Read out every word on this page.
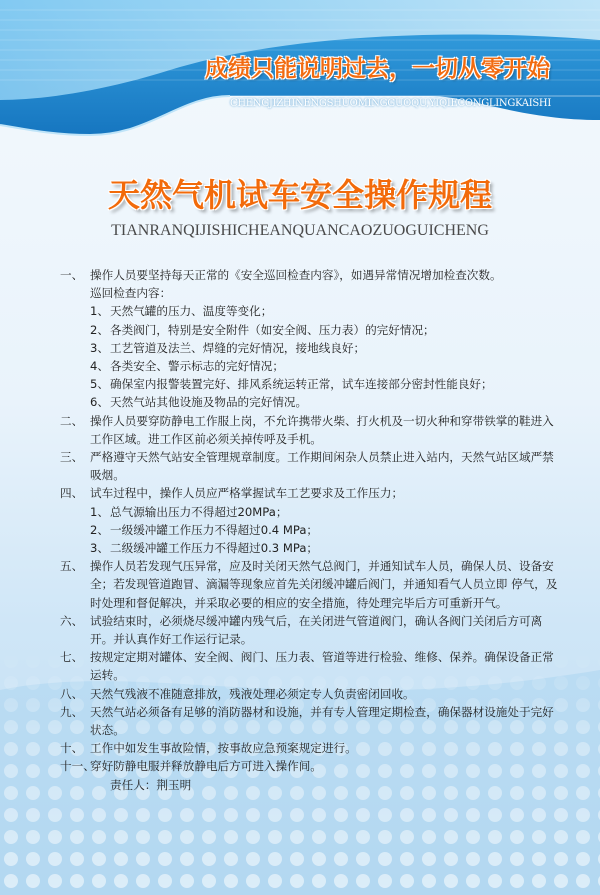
成绩只能说明过去，一切从零开始
CHENGJIZHINENGSHUOMINGGUOQU,YIQIECONGLINGKAISHI
天然气机试车安全操作规程
TIANRANQIJISHICHEANQUANCAOZUOGUICHENG
一、 操作人员要坚持每天正常的《安全巡回检查内容》，如遇异常情况增加检查次数。
巡回检查内容：
1、 天然气罐的压力、温度等变化；
2、 各类阀门，特别是安全附件（如安全阀、压力表）的完好情况；
3、 工艺管道及法兰、焊缝的完好情况，接地线良好；
4、 各类安全、警示标志的完好情况；
5、 确保室内报警装置完好、排风系统运转正常，试车连接部分密封性能良好；
6、 天然气站其他设施及物品的完好情况。
二、 操作人员要穿防静电工作服上岗，不允许携带火柴、打火机及一切火种和穿带铁掌的鞋进入工作区域。进工作区前必须关掉传呼及手机。
三、 严格遵守天然气站安全管理规章制度。工作期间闲杂人员禁止进入站内，天然气站区域严禁吸烟。
四、 试车过程中，操作人员应严格掌握试车工艺要求及工作压力；
1、 总气源输出压力不得超过20MPa；
2、 一级缓冲罐工作压力不得超过0.4 MPa；
3、 二级缓冲罐工作压力不得超过0.3 MPa；
五、 操作人员若发现气压异常，应及时关闭天然气总阀门，并通知试车人员，确保人员、设备安全；若发现管道跑冒、滴漏等现象应首先关闭缓冲罐后阀门，并通知看气人员立即 停气，及时处理和督促解决，并采取必要的相应的安全措施，待处理完毕后方可重新开气。
六、 试验结束时，必须烧尽缓冲罐内残气后，在关闭进气管道阀门，确认各阀门关闭后方可离开。并认真作好工作运行记录。
七、 按规定定期对罐体、安全阀、阀门、压力表、管道等进行检验、维修、保养。确保设备正常运转。
八、 天然气残液不准随意排放，残液处理必须定专人负责密闭回收。
九、 天然气站必须备有足够的消防器材和设施，并有专人管理定期检查，确保器材设施处于完好状态。
十、 工作中如发生事故险情，按事故应急预案规定进行。
十一、
穿好防静电服并释放静电后方可进入操作间。
责任人：荆玉明
